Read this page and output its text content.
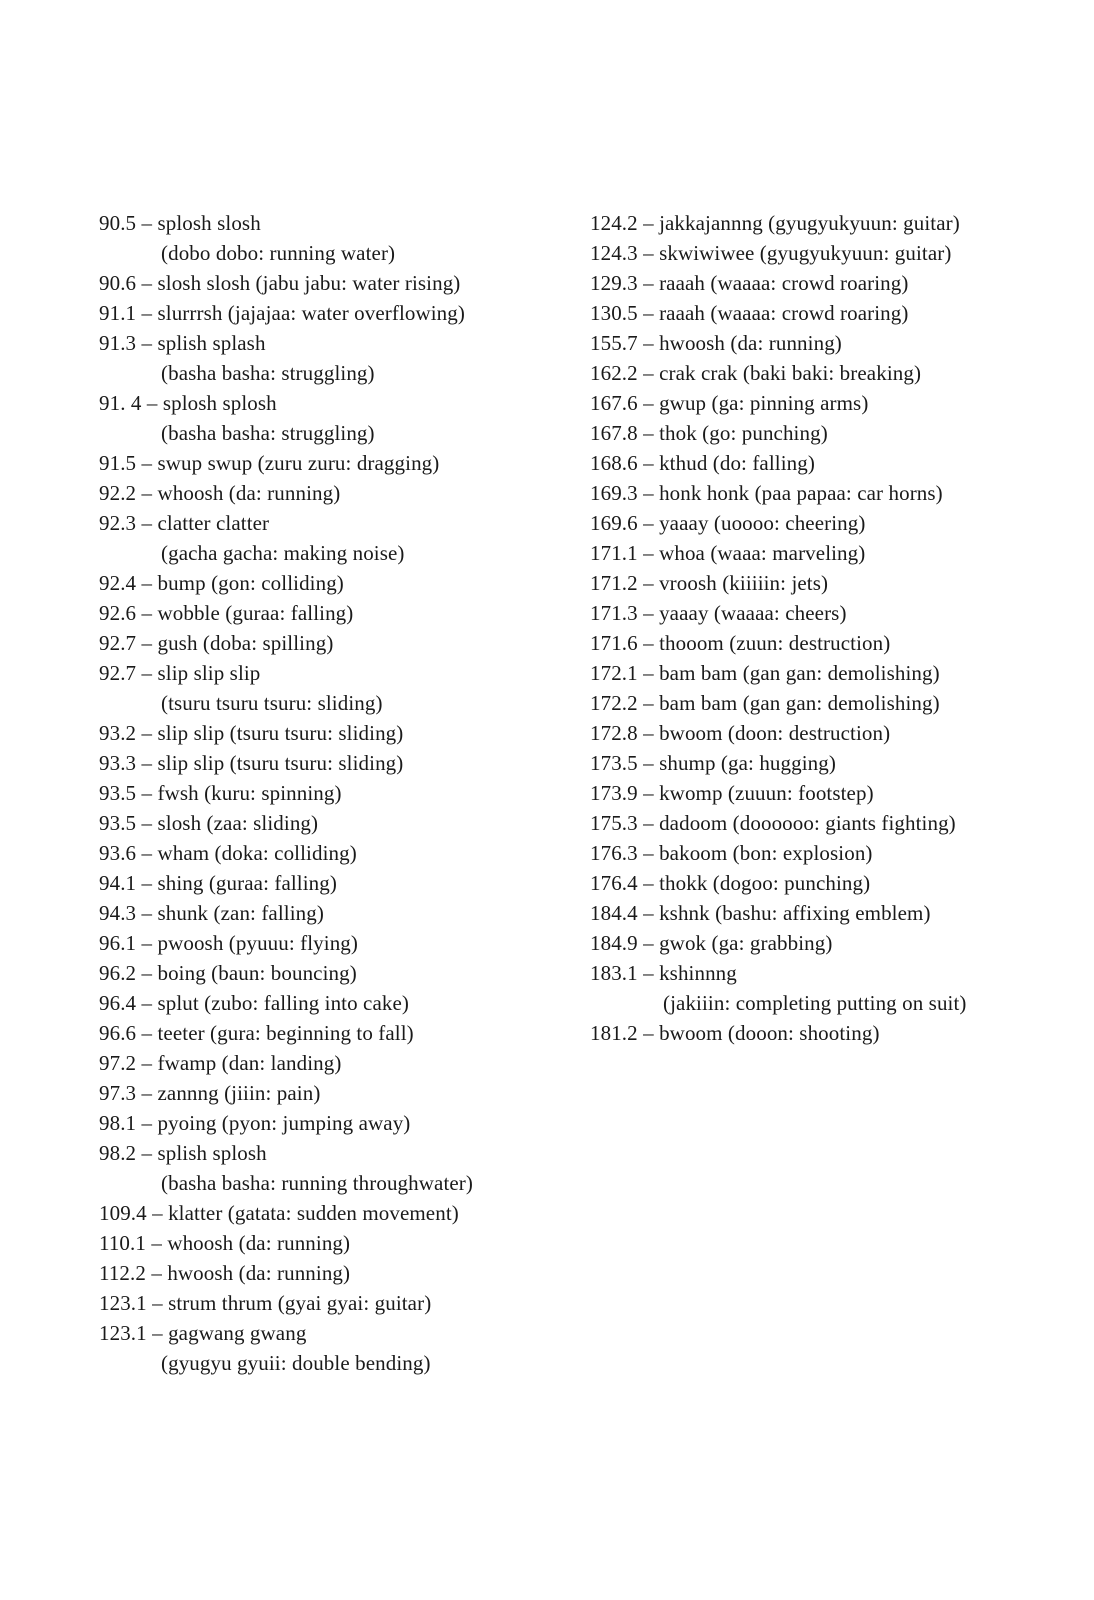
90.5 – splosh slosh
(dobo dobo: running water)
90.6 – slosh slosh (jabu jabu: water rising)
91.1 – slurrrsh (jajajaa: water overflowing)
91.3 – splish splash
(basha basha: struggling)
91. 4 – splosh splosh
(basha basha: struggling)
91.5 – swup swup (zuru zuru: dragging)
92.2 – whoosh (da: running)
92.3 – clatter clatter
(gacha gacha: making noise)
92.4 – bump (gon: colliding)
92.6 – wobble (guraa: falling)
92.7 – gush (doba: spilling)
92.7 – slip slip slip
(tsuru tsuru tsuru: sliding)
93.2 – slip slip (tsuru tsuru: sliding)
93.3 – slip slip (tsuru tsuru: sliding)
93.5 – fwsh (kuru: spinning)
93.5 – slosh (zaa: sliding)
93.6 – wham (doka: colliding)
94.1 – shing (guraa: falling)
94.3 – shunk (zan: falling)
96.1 – pwoosh (pyuuu: flying)
96.2 – boing (baun: bouncing)
96.4 – splut (zubo: falling into cake)
96.6 – teeter (gura: beginning to fall)
97.2 – fwamp (dan: landing)
97.3 – zannng (jiiin: pain)
98.1 – pyoing (pyon: jumping away)
98.2 – splish splosh
(basha basha: running throughwater)
109.4 – klatter (gatata: sudden movement)
110.1 – whoosh (da: running)
112.2 – hwoosh (da: running)
123.1 – strum thrum (gyai gyai: guitar)
123.1 – gagwang gwang
(gyugyu gyuii: double bending)
124.2 – jakkajannng (gyugyukyuun: guitar)
124.3 – skwiwiwee (gyugyukyuun: guitar)
129.3 – raaah (waaaa: crowd roaring)
130.5 – raaah (waaaa: crowd roaring)
155.7 – hwoosh (da: running)
162.2 – crak crak (baki baki: breaking)
167.6 – gwup (ga: pinning arms)
167.8 – thok (go: punching)
168.6 – kthud (do: falling)
169.3 – honk honk (paa papaa: car horns)
169.6 – yaaay (uoooo: cheering)
171.1 – whoa (waaa: marveling)
171.2 – vroosh (kiiiiin: jets)
171.3 – yaaay (waaaa: cheers)
171.6 – thooom (zuun: destruction)
172.1 – bam bam (gan gan: demolishing)
172.2 – bam bam (gan gan: demolishing)
172.8 – bwoom (doon: destruction)
173.5 – shump (ga: hugging)
173.9 – kwomp (zuuun: footstep)
175.3 – dadoom (doooooo: giants fighting)
176.3 – bakoom (bon: explosion)
176.4 – thokk (dogoo: punching)
184.4 – kshnk (bashu: affixing emblem)
184.9 – gwok (ga: grabbing)
183.1 – kshinnng
(jakiiin: completing putting on suit)
181.2 – bwoom (dooon: shooting)
